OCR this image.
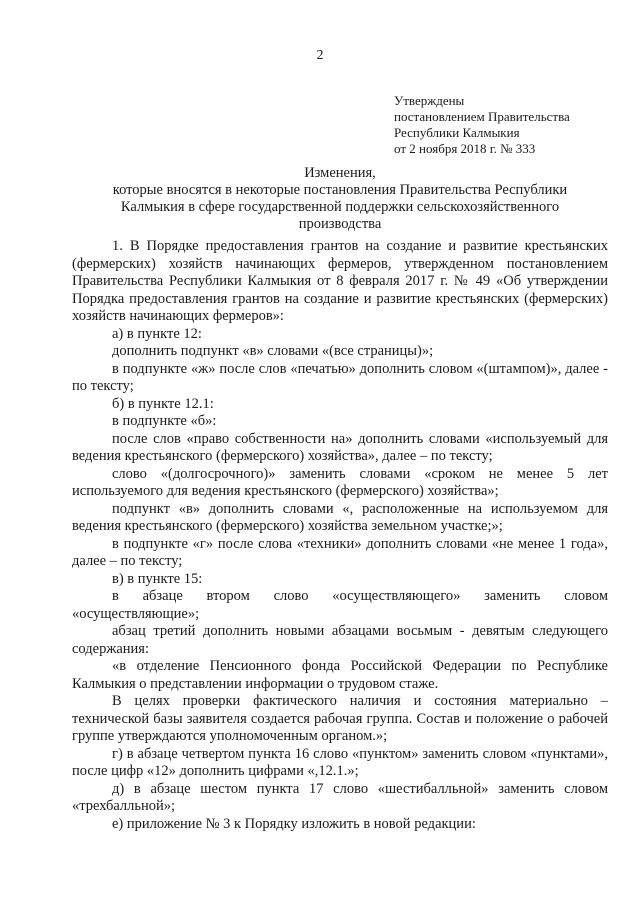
2
Утверждены
постановлением Правительства
Республики Калмыкия
от 2 ноября 2018 г. № 333
Изменения,
которые вносятся в некоторые постановления Правительства Республики
Калмыкия в сфере государственной поддержки сельскохозяйственного
производства

1. В Порядке предоставления грантов на создание и развитие крестьянских (фермерских) хозяйств начинающих фермеров, утвержденном постановлением Правительства Республики Калмыкия от 8 февраля 2017 г. № 49 «Об утверждении Порядка предоставления грантов на создание и развитие крестьянских (фермерских) хозяйств начинающих фермеров»:

а) в пункте 12:

дополнить подпункт «в» словами «(все страницы)»;

в подпункте «ж» после слов «печатью» дополнить словом «(штампом)», далее - по тексту;

б) в пункте 12.1:

в подпункте «б»:

после слов «право собственности на» дополнить словами «используемый для ведения крестьянского (фермерского) хозяйства», далее – по тексту;

слово «(долгосрочного)» заменить словами «сроком не менее 5 лет используемого для ведения крестьянского (фермерского) хозяйства»;

подпункт «в» дополнить словами «, расположенные на используемом для ведения крестьянского (фермерского) хозяйства земельном участке;»;

в подпункте «г» после слова «техники» дополнить словами «не менее 1 года», далее – по тексту;

в) в пункте 15:

в абзаце втором слово «осуществляющего» заменить словом «осуществляющие»;

абзац третий дополнить новыми абзацами восьмым - девятым следующего содержания:

«в отделение Пенсионного фонда Российской Федерации по Республике Калмыкия о представлении информации о трудовом стаже.

В целях проверки фактического наличия и состояния материально – технической базы заявителя создается рабочая группа. Состав и положение о рабочей группе утверждаются уполномоченным органом.»;

г) в абзаце четвертом пункта 16 слово «пунктом» заменить словом «пунктами», после цифр «12» дополнить цифрами «,12.1.»;

д) в абзаце шестом пункта 17 слово «шестибалльной» заменить словом «трехбалльной»;

е) приложение № 3 к Порядку изложить в новой редакции:
